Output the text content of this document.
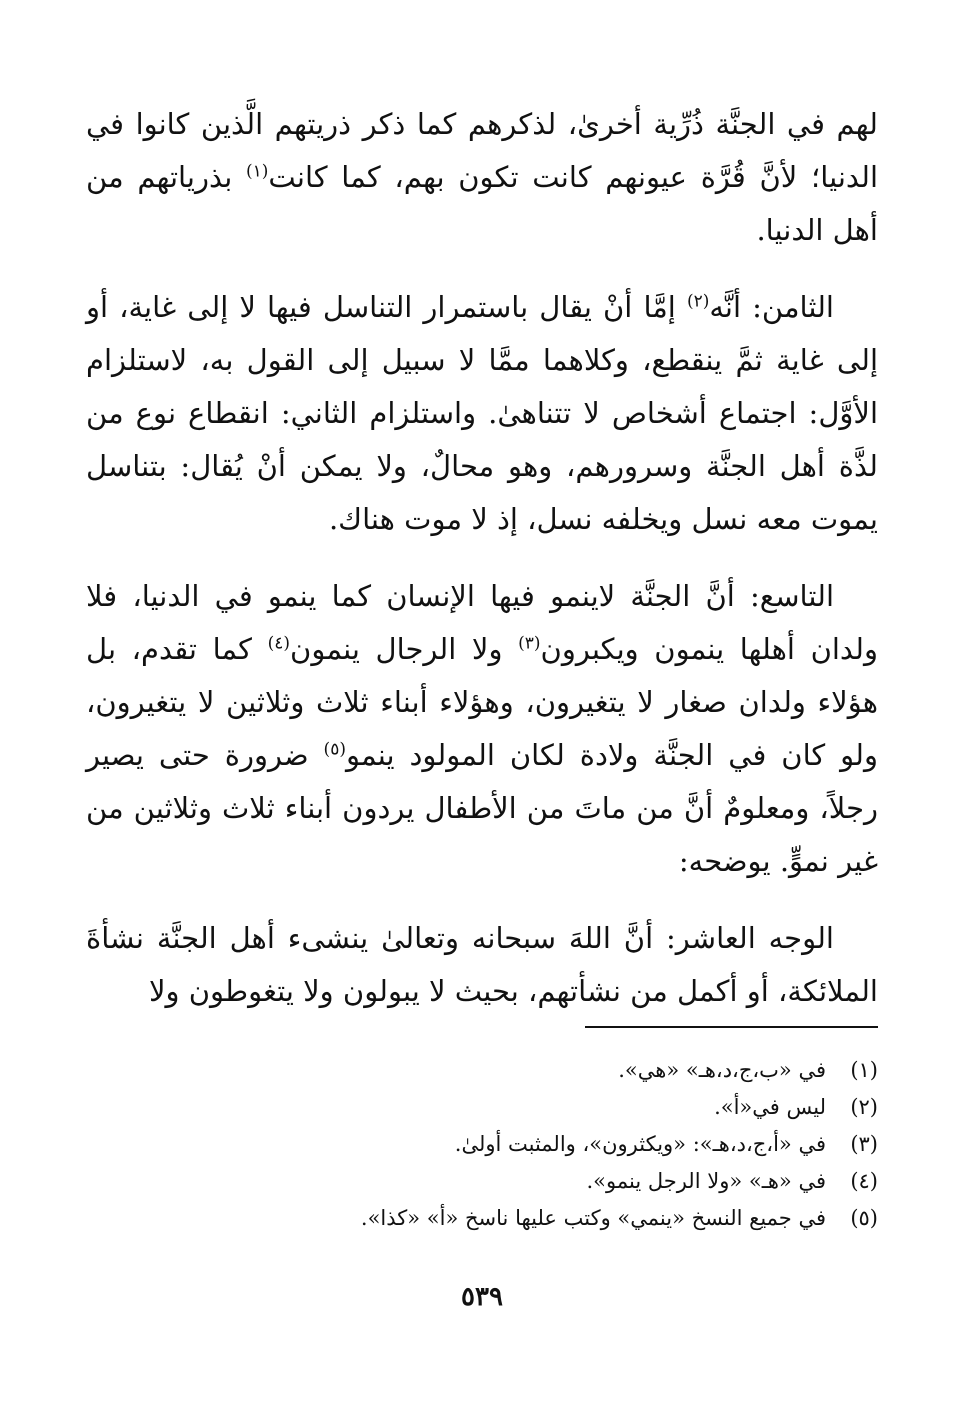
لهم في الجنَّة ذُرِّية أخرىٰ، لذكرهم كما ذكر ذريتهم الَّذين كانوا في الدنيا؛ لأنَّ قُرَّة عيونهم كانت تكون بهم، كما كانت$^{(١)}$ بذرياتهم من أهل الدنيا.

الثامن: أنَّه$^{(٢)}$ إمَّا أنْ يقال باستمرار التناسل فيها لا إلى غاية، أو إلى غاية ثمَّ ينقطع، وكلاهما ممَّا لا سبيل إلى القول به، لاستلزام الأوَّل: اجتماع أشخاص لا تتناهىٰ. واستلزام الثاني: انقطاع نوع من لذَّة أهل الجنَّة وسرورهم، وهو محالٌ، ولا يمكن أنْ يُقال: بتناسل يموت معه نسل ويخلفه نسل، إذ لا موت هناك.

التاسع: أنَّ الجنَّة لاينمو فيها الإنسان كما ينمو في الدنيا، فلا ولدان أهلها ينمون ويكبرون$^{(٣)}$ ولا الرجال ينمون$^{(٤)}$ كما تقدم، بل هؤلاء ولدان صغار لا يتغيرون، وهؤلاء أبناء ثلاث وثلاثين لا يتغيرون، ولو كان في الجنَّة ولادة لكان المولود ينمو$^{(٥)}$ ضرورة حتى يصير رجلاً، ومعلومٌ أنَّ من ماتَ من الأطفال يردون أبناء ثلاث وثلاثين من غير نموٍّ. يوضحه:

الوجه العاشر: أنَّ اللهَ سبحانه وتعالىٰ ينشىء أهل الجنَّة نشأةَ الملائكة، أو أكمل من نشأتهم، بحيث لا يبولون ولا يتغوطون ولا

(١)
في «ب،ج،د،هـ» «هي».
(٢)
ليس في«أ».
(٣)
في «أ،ج،د،هـ»: «ويكثرون»، والمثبت أولىٰ.
(٤)
في «هـ» «ولا الرجل ينمو».
(٥)
في جميع النسخ «ينمي» وكتب عليها ناسخ «أ» «كذا».
٥٣٩
